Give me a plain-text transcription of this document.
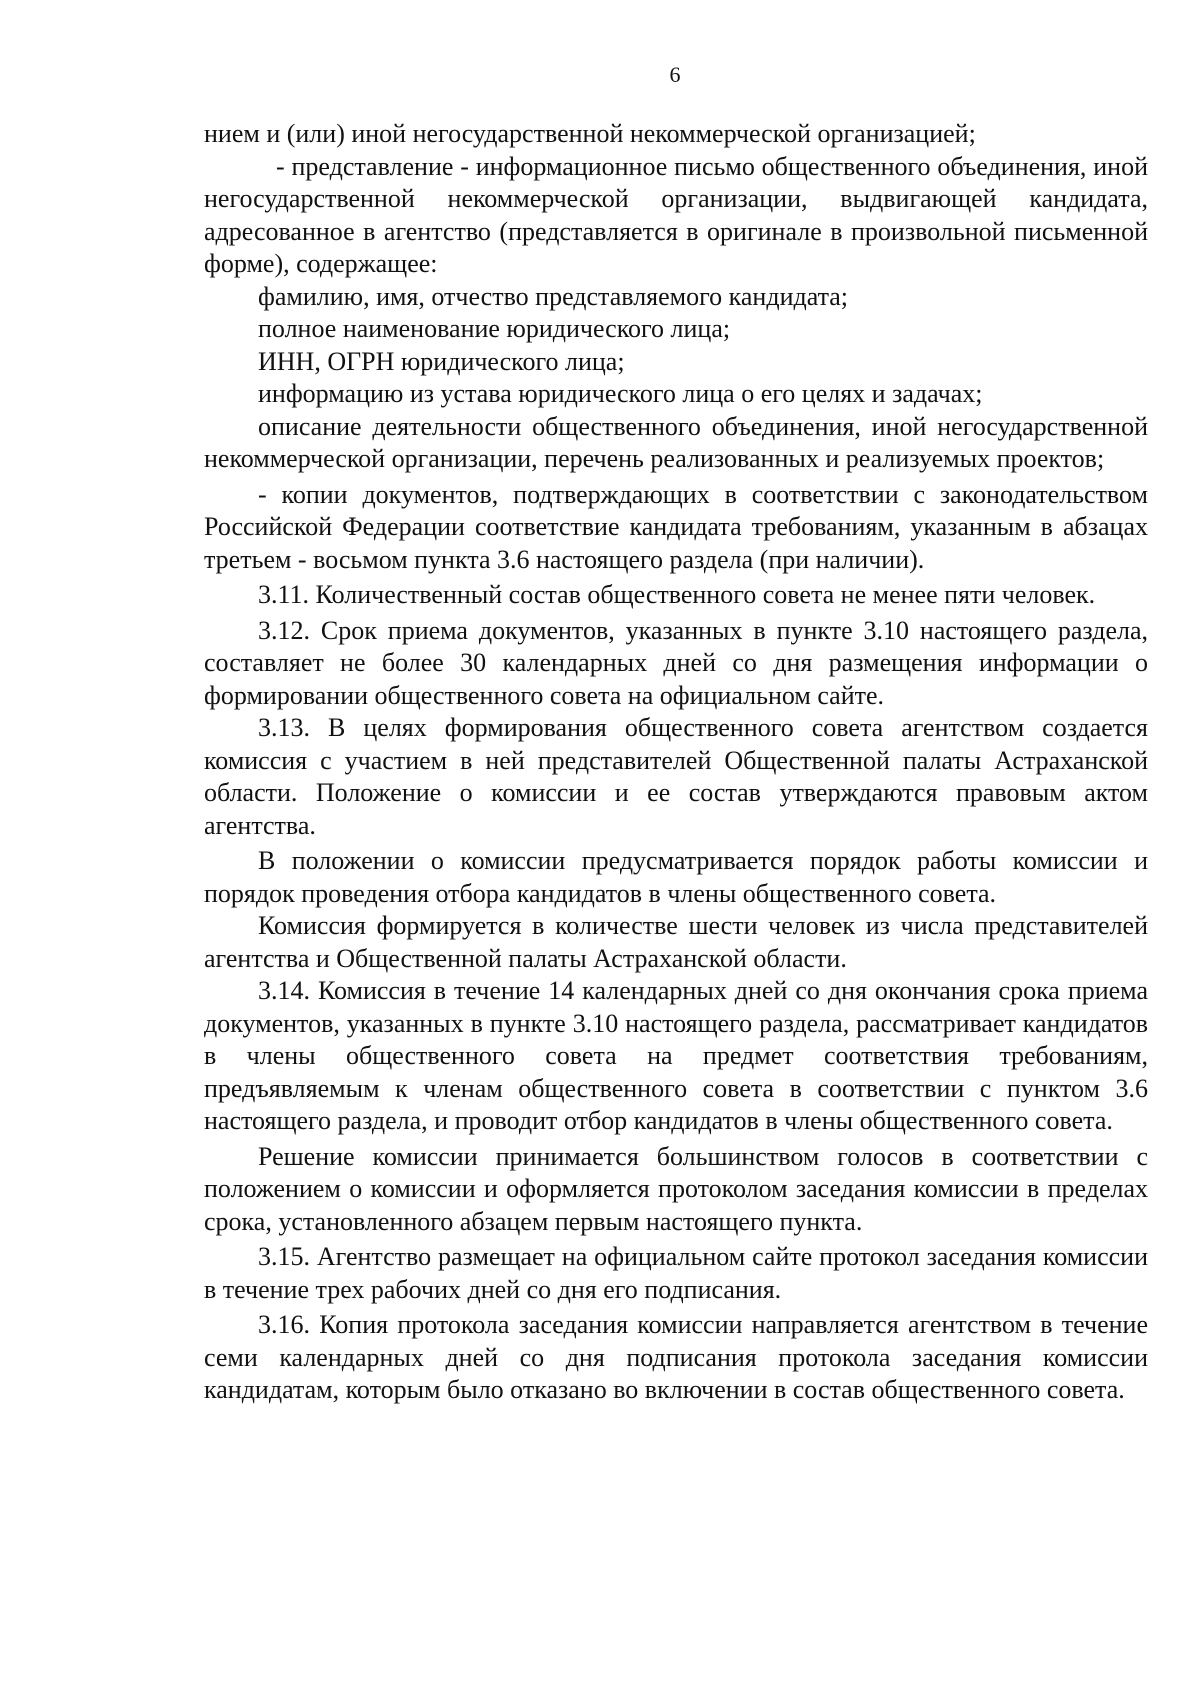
6

нием и (или) иной негосударственной некоммерческой организацией;

- представление - информационное письмо общественного объединения, иной негосударственной некоммерческой организации, выдвигающей кандидата, адресованное в агентство (представляется в оригинале в произвольной письменной форме), содержащее:

фамилию, имя, отчество представляемого кандидата;

полное наименование юридического лица;

ИНН, ОГРН юридического лица;

информацию из устава юридического лица о его целях и задачах;

описание деятельности общественного объединения, иной негосударственной некоммерческой организации, перечень реализованных и реализуемых проектов;

- копии документов, подтверждающих в соответствии с законодательством Российской Федерации соответствие кандидата требованиям, указанным в абзацах третьем - восьмом пункта 3.6 настоящего раздела (при наличии).

3.11. Количественный состав общественного совета не менее пяти человек.

3.12. Срок приема документов, указанных в пункте 3.10 настоящего раздела, составляет не более 30 календарных дней со дня размещения информации о формировании общественного совета на официальном сайте.

3.13. В целях формирования общественного совета агентством создается комиссия с участием в ней представителей Общественной палаты Астраханской области. Положение о комиссии и ее состав утверждаются правовым актом агентства.

В положении о комиссии предусматривается порядок работы комиссии и порядок проведения отбора кандидатов в члены общественного совета.

Комиссия формируется в количестве шести человек из числа представителей агентства и Общественной палаты Астраханской области.

3.14. Комиссия в течение 14 календарных дней со дня окончания срока приема документов, указанных в пункте 3.10 настоящего раздела, рассматривает кандидатов в члены общественного совета на предмет соответствия требованиям, предъявляемым к членам общественного совета в соответствии с пунктом 3.6 настоящего раздела, и проводит отбор кандидатов в члены общественного совета.

Решение комиссии принимается большинством голосов в соответствии с положением о комиссии и оформляется протоколом заседания комиссии в пределах срока, установленного абзацем первым настоящего пункта.

3.15. Агентство размещает на официальном сайте протокол заседания комиссии в течение трех рабочих дней со дня его подписания.

3.16. Копия протокола заседания комиссии направляется агентством в течение семи календарных дней со дня подписания протокола заседания комиссии кандидатам, которым было отказано во включении в состав общественного совета.
